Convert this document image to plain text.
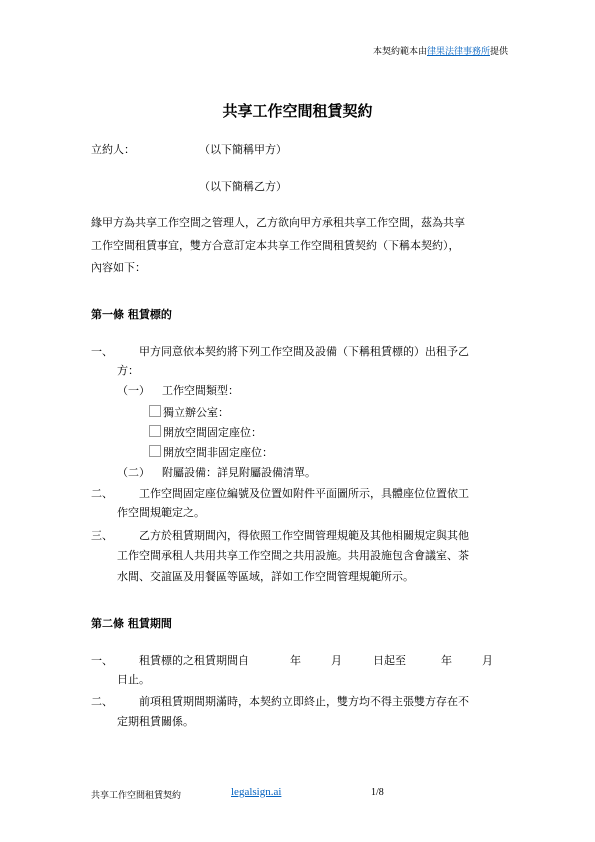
本契約範本由律果法律事務所提供
共享工作空間租賃契約
立約人：	（以下簡稱甲方）
（以下簡稱乙方）
緣甲方為共享工作空間之管理人，乙方欲向甲方承租共享工作空間，茲為共享
工作空間租賃事宜，雙方合意訂定本共享工作空間租賃契約（下稱本契約），
內容如下：
第一條 租賃標的
一、 甲方同意依本契約將下列工作空間及設備（下稱租賃標的）出租予乙
方：
（一） 工作空間類型：
獨立辦公室：
開放空間固定座位：
開放空間非固定座位：
（二） 附屬設備：詳見附屬設備清單。
二、 工作空間固定座位編號及位置如附件平面圖所示，具體座位位置依工
作空間規範定之。
三、 乙方於租賃期間內，得依照工作空間管理規範及其他相關規定與其他
工作空間承租人共用共享工作空間之共用設施。共用設施包含會議室、茶
水間、交誼區及用餐區等區域，詳如工作空間管理規範所示。
第二條 租賃期間
一、 租賃標的之租賃期間自	年	月	日起至	年	月
日止。
二、 前項租賃期間期滿時，本契約立即終止，雙方均不得主張雙方存在不
定期租賃關係。
共享工作空間租賃契約	legalsign.ai	1/8
